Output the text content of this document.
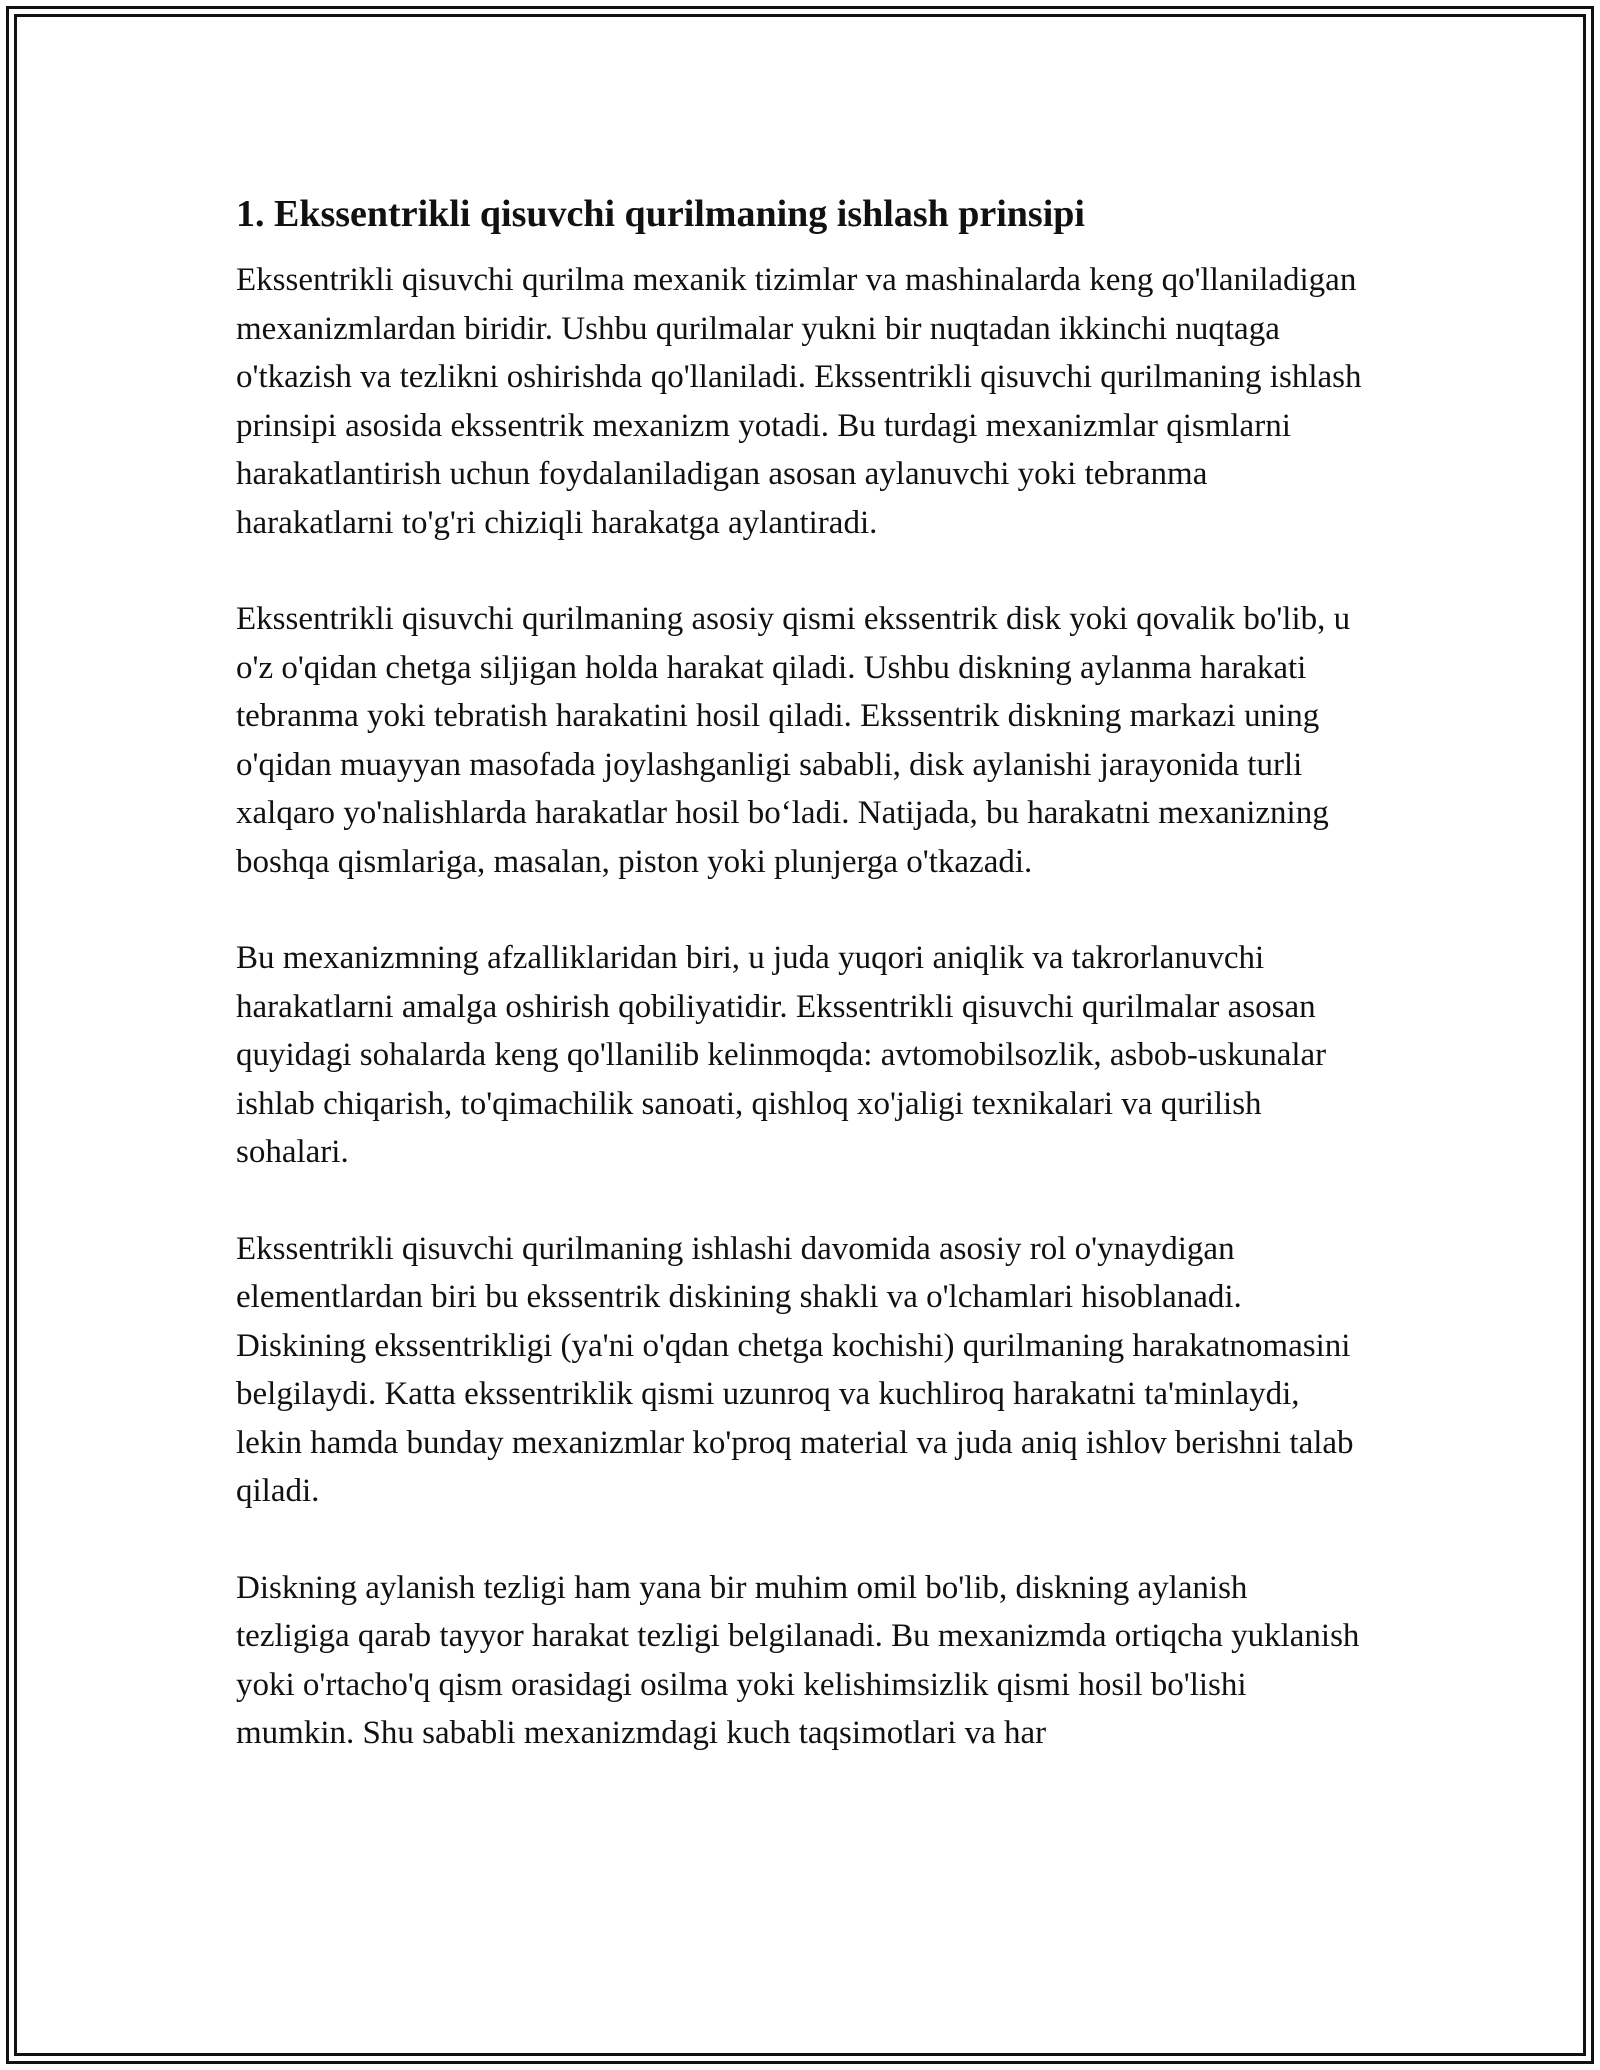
1. Ekssentrikli qisuvchi qurilmaning ishlash prinsipi

Ekssentrikli qisuvchi qurilma mexanik tizimlar va mashinalarda keng qo'llaniladigan mexanizmlardan biridir. Ushbu qurilmalar yukni bir nuqtadan ikkinchi nuqtaga o'tkazish va tezlikni oshirishda qo'llaniladi. Ekssentrikli qisuvchi qurilmaning ishlash prinsipi asosida ekssentrik mexanizm yotadi. Bu turdagi mexanizmlar qismlarni harakatlantirish uchun foydalaniladigan asosan aylanuvchi yoki tebranma harakatlarni to'g'ri chiziqli harakatga aylantiradi.

Ekssentrikli qisuvchi qurilmaning asosiy qismi ekssentrik disk yoki qovalik bo'lib, u o'z o'qidan chetga siljigan holda harakat qiladi. Ushbu diskning aylanma harakati tebranma yoki tebratish harakatini hosil qiladi. Ekssentrik diskning markazi uning o'qidan muayyan masofada joylashganligi sababli, disk aylanishi jarayonida turli xalqaro yo'nalishlarda harakatlar hosil bo‘ladi. Natijada, bu harakatni mexanizning boshqa qismlariga, masalan, piston yoki plunjerga o'tkazadi.

Bu mexanizmning afzalliklaridan biri, u juda yuqori aniqlik va takrorlanuvchi harakatlarni amalga oshirish qobiliyatidir. Ekssentrikli qisuvchi qurilmalar asosan quyidagi sohalarda keng qo'llanilib kelinmoqda: avtomobilsozlik, asbob-uskunalar ishlab chiqarish, to'qimachilik sanoati, qishloq xo'jaligi texnikalari va qurilish sohalari.

Ekssentrikli qisuvchi qurilmaning ishlashi davomida asosiy rol o'ynaydigan elementlardan biri bu ekssentrik diskining shakli va o'lchamlari hisoblanadi. Diskining ekssentrikligi (ya'ni o'qdan chetga kochishi) qurilmaning harakatnomasini belgilaydi. Katta ekssentriklik qismi uzunroq va kuchliroq harakatni ta'minlaydi, lekin hamda bunday mexanizmlar ko'proq material va juda aniq ishlov berishni talab qiladi.

Diskning aylanish tezligi ham yana bir muhim omil bo'lib, diskning aylanish tezligiga qarab tayyor harakat tezligi belgilanadi. Bu mexanizmda ortiqcha yuklanish yoki o'rtacho'q qism orasidagi osilma yoki kelishimsizlik qismi hosil bo'lishi mumkin. Shu sababli mexanizmdagi kuch taqsimotlari va har
